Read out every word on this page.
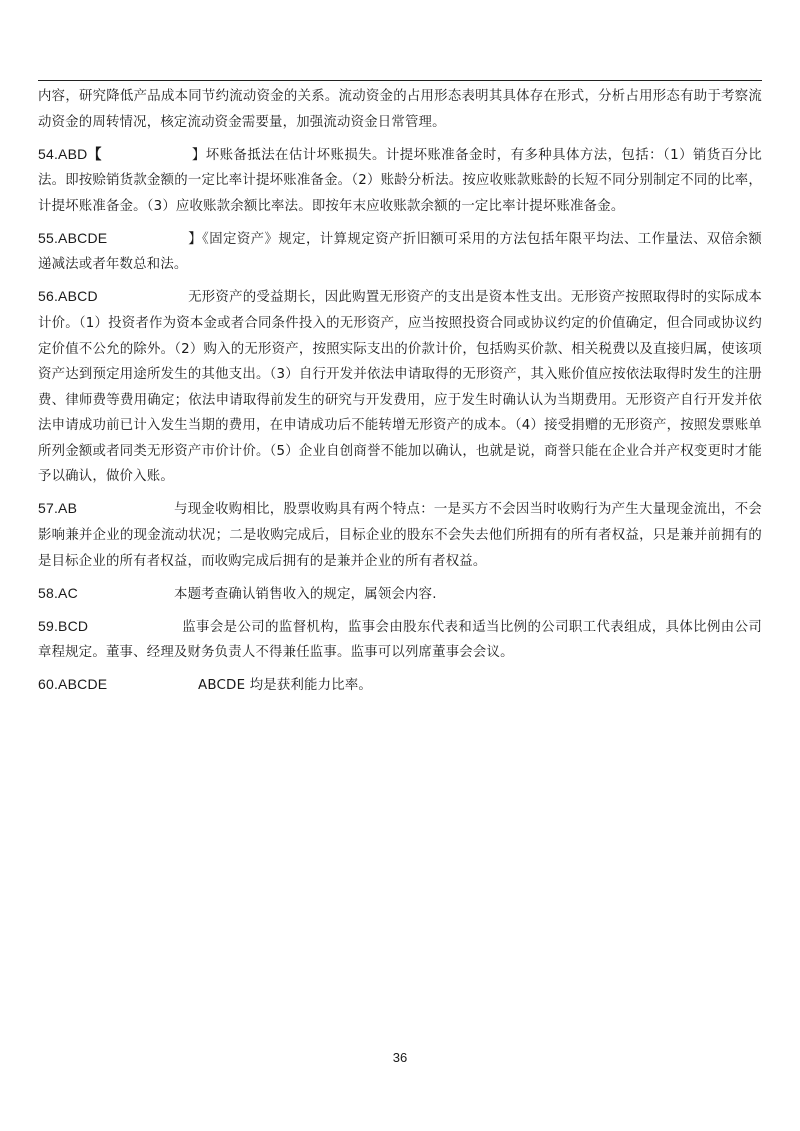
内容，研究降低产品成本同节约流动资金的关系。流动资金的占用形态表明其具体存在形式，分析占用形态有助于考察流动资金的周转情况，核定流动资金需要量，加强流动资金日常管理。

54.ABD【	】坏账备抵法在估计坏账损失。计提坏账准备金时，有多种具体方法，包括：（1）销货百分比法。即按赊销货款金额的一定比率计提坏账准备金。（2）账龄分析法。按应收账款账龄的长短不同分别制定不同的比率，计提坏账准备金。（3）应收账款余额比率法。即按年末应收账款余额的一定比率计提坏账准备金。

55.ABCDE	】《固定资产》规定，计算规定资产折旧额可采用的方法包括年限平均法、工作量法、双倍余额递减法或者年数总和法。

56.ABCD	无形资产的受益期长，因此购置无形资产的支出是资本性支出。无形资产按照取得时的实际成本计价。（1）投资者作为资本金或者合同条件投入的无形资产，应当按照投资合同或协议约定的价值确定，但合同或协议约定价值不公允的除外。（2）购入的无形资产，按照实际支出的价款计价，包括购买价款、相关税费以及直接归属，使该项资产达到预定用途所发生的其他支出。（3）自行开发并依法申请取得的无形资产，其入账价值应按依法取得时发生的注册费、律师费等费用确定；依法申请取得前发生的研究与开发费用，应于发生时确认认为当期费用。无形资产自行开发并依法申请成功前已计入发生当期的费用，在申请成功后不能转增无形资产的成本。（4）接受捐赠的无形资产，按照发票账单所列金额或者同类无形资产市价计价。（5）企业自创商誉不能加以确认，也就是说，商誉只能在企业合并产权变更时才能予以确认，做价入账。

57.AB	与现金收购相比，股票收购具有两个特点：一是买方不会因当时收购行为产生大量现金流出，不会影响兼并企业的现金流动状况；二是收购完成后，目标企业的股东不会失去他们所拥有的所有者权益，只是兼并前拥有的是目标企业的所有者权益，而收购完成后拥有的是兼并企业的所有者权益。

58.AC	本题考查确认销售收入的规定，属领会内容.

59.BCD	监事会是公司的监督机构，监事会由股东代表和适当比例的公司职工代表组成，具体比例由公司章程规定。董事、经理及财务负责人不得兼任监事。监事可以列席董事会会议。

60.ABCDE	ABCDE 均是获利能力比率。

36
